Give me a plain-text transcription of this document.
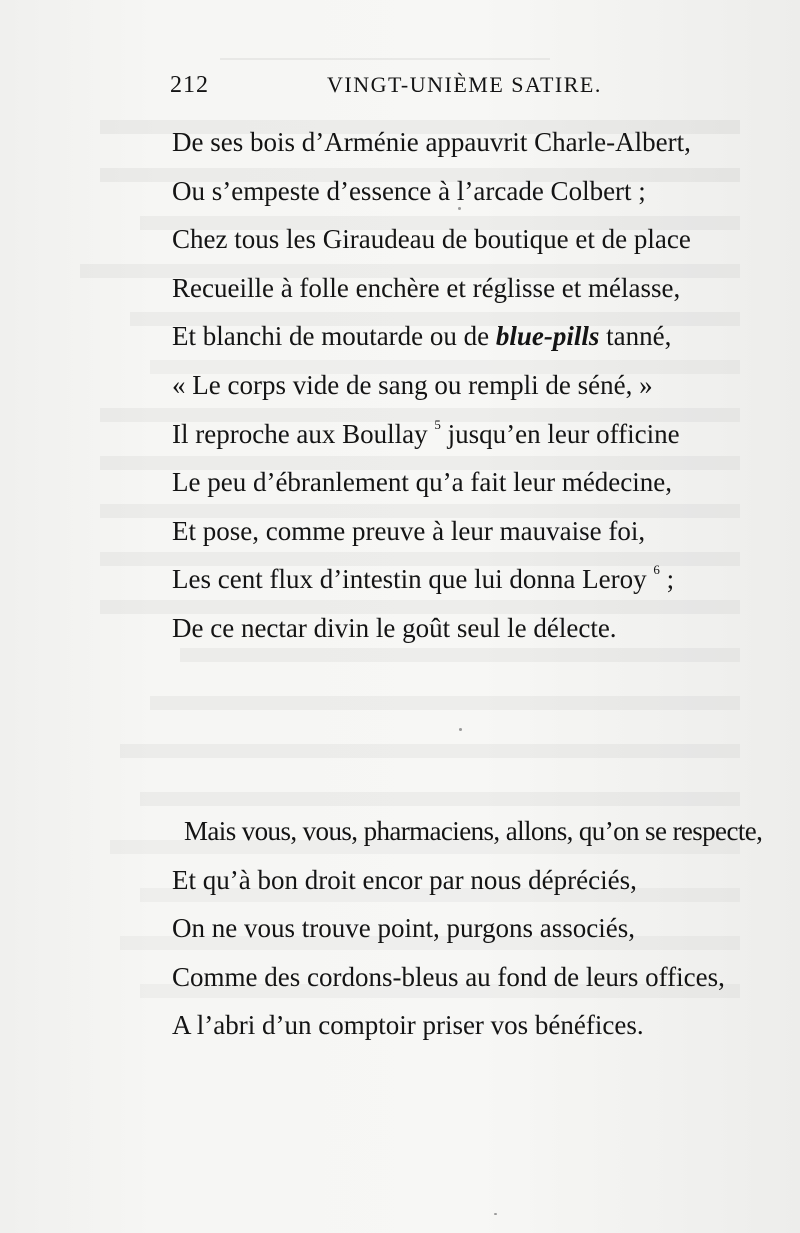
212	VINGT-UNIÈME SATIRE.
De ses bois d’Arménie appauvrit Charle-Albert,
Ou s’empeste d’essence à l’arcade Colbert ;
Chez tous les Giraudeau de boutique et de place
Recueille à folle enchère et réglisse et mélasse,
Et blanchi de moutarde ou de blue-pills tanné,
« Le corps vide de sang ou rempli de séné, »
Il reproche aux Boullay $^5$ jusqu’en leur officine
Le peu d’ébranlement qu’a fait leur médecine,
Et pose, comme preuve à leur mauvaise foi,
Les cent flux d’intestin que lui donna Leroy $^6$ ;
De ce nectar divin le goût seul le délecte.
Mais vous, vous, pharmaciens, allons, qu’on se respecte,
Et qu’à bon droit encor par nous dépréciés,
On ne vous trouve point, purgons associés,
Comme des cordons-bleus au fond de leurs offices,
A l’abri d’un comptoir priser vos bénéfices.
